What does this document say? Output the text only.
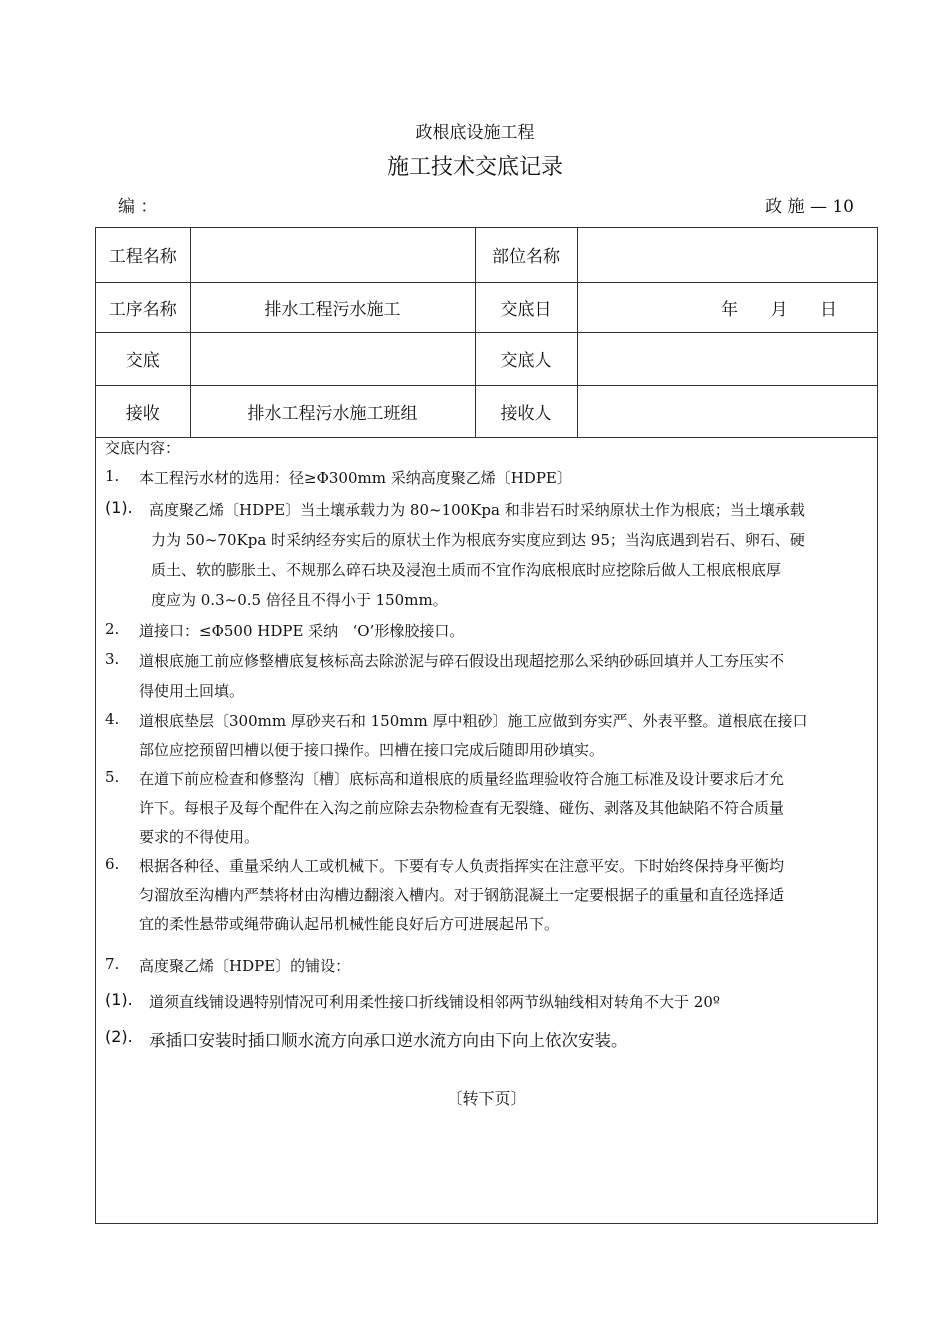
政根底设施工程
施工技术交底记录
编 ：	政 施 — 10
工程名称		部位名称	
工序名称	排水工程污水施工	交底日	年      月      日
交底		交底人	
接收	排水工程污水施工班组	接收人	
交底内容：
1. 本工程污水材的选用：径≥Φ300mm 采纳高度聚乙烯〔HDPE〕
(1). 高度聚乙烯〔HDPE〕当土壤承载力为 80~100Kpa 和非岩石时采纳原状土作为根底；当土壤承载
力为 50~70Kpa 时采纳经夯实后的原状土作为根底夯实度应到达 95；当沟底遇到岩石、卵石、硬
质土、软的膨胀土、不规那么碎石块及浸泡土质而不宜作沟底根底时应挖除后做人工根底根底厚
度应为 0.3~0.5 倍径且不得小于 150mm。
2. 道接口：≤Φ500 HDPE 采纳   ‘O’形橡胶接口。
3. 道根底施工前应修整槽底复核标高去除淤泥与碎石假设出现超挖那么采纳砂砾回填并人工夯压实不
得使用土回填。
4. 道根底垫层〔300mm 厚砂夹石和 150mm 厚中粗砂〕施工应做到夯实严、外表平整。道根底在接口
部位应挖预留凹槽以便于接口操作。凹槽在接口完成后随即用砂填实。
5. 在道下前应检查和修整沟〔槽〕底标高和道根底的质量经监理验收符合施工标准及设计要求后才允
许下。每根子及每个配件在入沟之前应除去杂物检查有无裂缝、碰伤、剥落及其他缺陷不符合质量
要求的不得使用。
6. 根据各种径、重量采纳人工或机械下。下要有专人负责指挥实在注意平安。下时始终保持身平衡均
匀溜放至沟槽内严禁将材由沟槽边翻滚入槽内。对于钢筋混凝土一定要根据子的重量和直径选择适
宜的柔性悬带或绳带确认起吊机械性能良好后方可进展起吊下。
7. 高度聚乙烯〔HDPE〕的铺设：
(1). 道须直线铺设遇特别情况可利用柔性接口折线铺设相邻两节纵轴线相对转角不大于 20º
(2). 承插口安装时插口顺水流方向承口逆水流方向由下向上依次安装。
〔转下页〕
